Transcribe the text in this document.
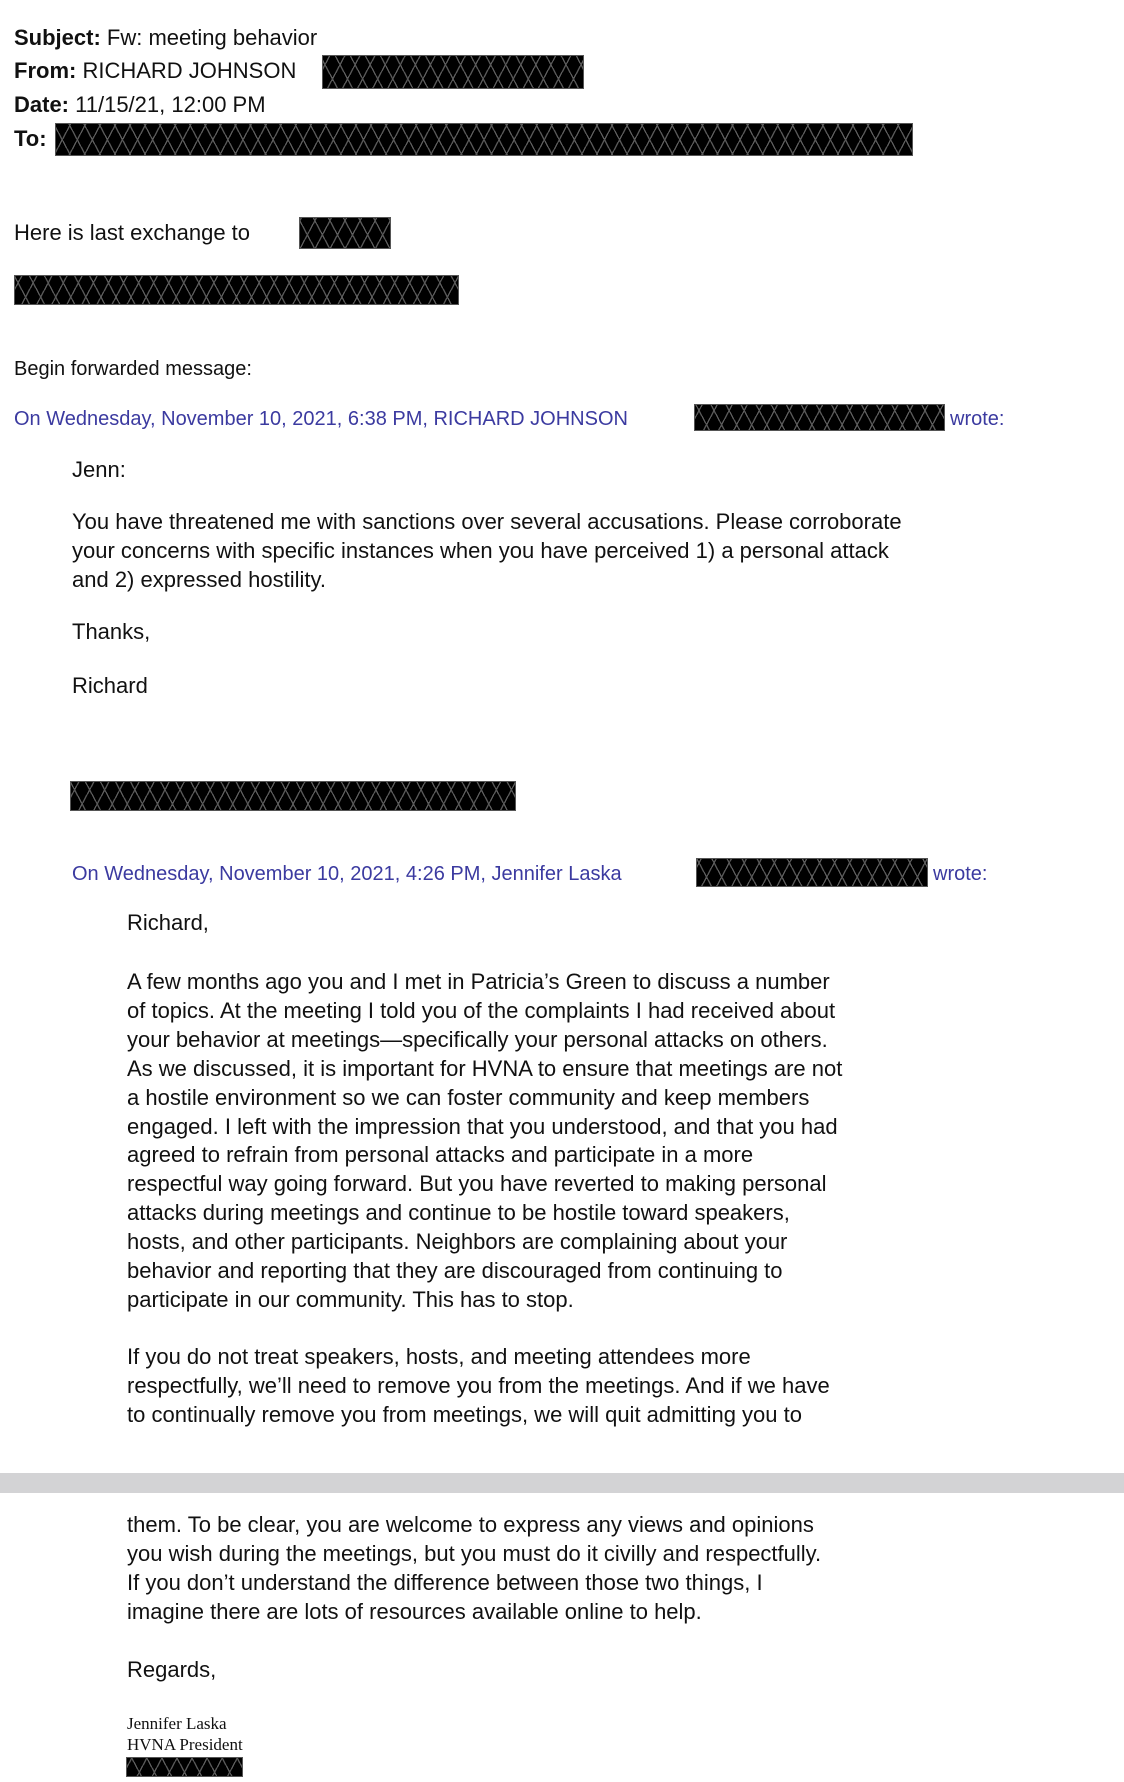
Subject: Fw: meeting behavior
From: RICHARD JOHNSON
Date: 11/15/21, 12:00 PM
To:
Here is last exchange to
Begin forwarded message:
On Wednesday, November 10, 2021, 6:38 PM, RICHARD JOHNSON	wrote:
Jenn:
You have threatened me with sanctions over several accusations. Please corroborate
your concerns with specific instances when you have perceived 1) a personal attack
and 2) expressed hostility.
Thanks,
Richard
On Wednesday, November 10, 2021, 4:26 PM, Jennifer Laska	wrote:
Richard,
A few months ago you and I met in Patricia’s Green to discuss a number
of topics. At the meeting I told you of the complaints I had received about
your behavior at meetings—specifically your personal attacks on others.
As we discussed, it is important for HVNA to ensure that meetings are not
a hostile environment so we can foster community and keep members
engaged. I left with the impression that you understood, and that you had
agreed to refrain from personal attacks and participate in a more
respectful way going forward. But you have reverted to making personal
attacks during meetings and continue to be hostile toward speakers,
hosts, and other participants. Neighbors are complaining about your
behavior and reporting that they are discouraged from continuing to
participate in our community. This has to stop.
If you do not treat speakers, hosts, and meeting attendees more
respectfully, we’ll need to remove you from the meetings. And if we have
to continually remove you from meetings, we will quit admitting you to
them. To be clear, you are welcome to express any views and opinions
you wish during the meetings, but you must do it civilly and respectfully.
If you don’t understand the difference between those two things, I
imagine there are lots of resources available online to help.
Regards,
Jennifer Laska
HVNA President
